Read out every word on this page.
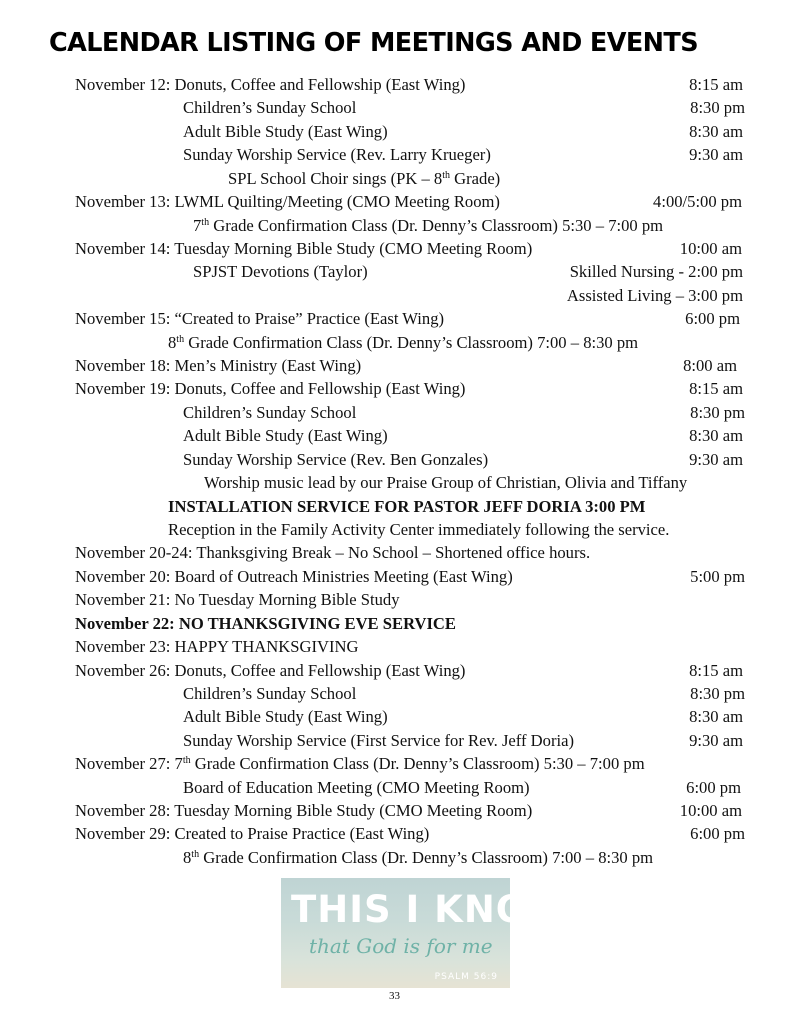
CALENDAR LISTING OF MEETINGS AND EVENTS
November 12: Donuts, Coffee and Fellowship (East Wing)	8:15 am
Children’s Sunday School	8:30 pm
Adult Bible Study (East Wing)	8:30 am
Sunday Worship Service (Rev. Larry Krueger)	9:30 am
SPL School Choir sings (PK – 8th Grade)
November 13: LWML Quilting/Meeting (CMO Meeting Room)	4:00/5:00 pm
7th Grade Confirmation Class (Dr. Denny’s Classroom) 5:30 – 7:00 pm
November 14: Tuesday Morning Bible Study (CMO Meeting Room)	10:00 am
SPJST Devotions (Taylor)	Skilled Nursing - 2:00 pm
Assisted Living – 3:00 pm
November 15: “Created to Praise” Practice (East Wing)	6:00 pm
8th Grade Confirmation Class (Dr. Denny’s Classroom) 7:00 – 8:30 pm
November 18: Men’s Ministry (East Wing)	8:00 am
November 19: Donuts, Coffee and Fellowship (East Wing)	8:15 am
Children’s Sunday School	8:30 pm
Adult Bible Study (East Wing)	8:30 am
Sunday Worship Service (Rev. Ben Gonzales)	9:30 am
Worship music lead by our Praise Group of Christian, Olivia and Tiffany
INSTALLATION SERVICE FOR PASTOR JEFF DORIA 3:00 PM
Reception in the Family Activity Center immediately following the service.
November 20-24: Thanksgiving Break – No School – Shortened office hours.
November 20: Board of Outreach Ministries Meeting (East Wing)	5:00 pm
November 21: No Tuesday Morning Bible Study
November 22: NO THANKSGIVING EVE SERVICE
November 23: HAPPY THANKSGIVING
November 26: Donuts, Coffee and Fellowship (East Wing)	8:15 am
Children’s Sunday School	8:30 pm
Adult Bible Study (East Wing)	8:30 am
Sunday Worship Service (First Service for Rev. Jeff Doria)	9:30 am
November 27: 7th Grade Confirmation Class (Dr. Denny’s Classroom) 5:30 – 7:00 pm
Board of Education Meeting (CMO Meeting Room)	6:00 pm
November 28: Tuesday Morning Bible Study (CMO Meeting Room)	10:00 am
November 29: Created to Praise Practice (East Wing)	6:00 pm
8th Grade Confirmation Class (Dr. Denny’s Classroom) 7:00 – 8:30 pm
THIS I KNOW,
that God is for me
PSALM 56:9
33
